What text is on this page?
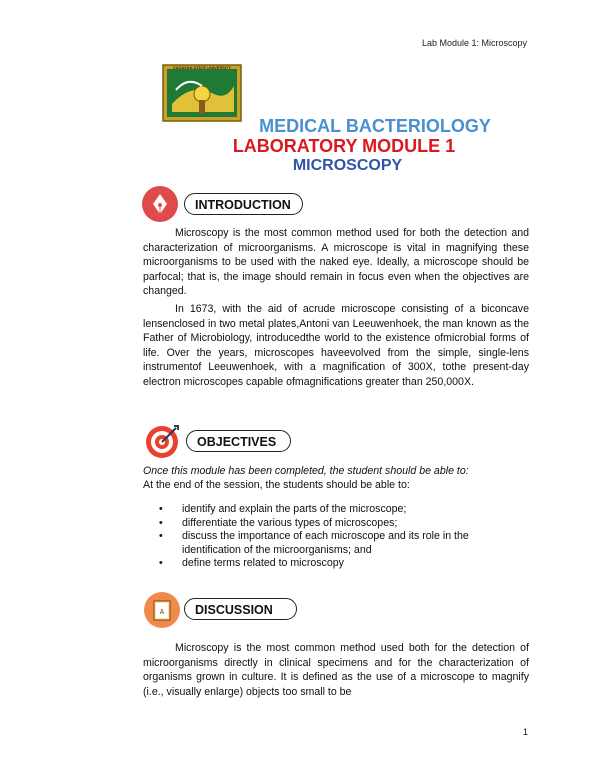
Lab Module 1: Microscopy
CAGAYAN STATE UNIVERSITY
MEDICAL BACTERIOLOGY
LABORATORY MODULE 1
MICROSCOPY
INTRODUCTION
Microscopy is the most common method used for both the detection and characterization of microorganisms. A microscope is vital in magnifying these microorganisms to be used with the naked eye. Ideally, a microscope should be parfocal; that is, the image should remain in focus even when the objectives are changed.
In 1673, with the aid of acrude microscope consisting of a biconcave lensenclosed in two metal plates,Antoni van Leeuwenhoek, the man known as the Father of Microbiology, introducedthe world to the existence ofmicrobial forms of life. Over the years, microscopes haveevolved from the simple, single-lens instrumentof Leeuwenhoek, with a magnification of 300X, tothe present-day electron microscopes capable ofmagnifications greater than 250,000X.
OBJECTIVES
Once this module has been completed, the student should be able to:
At the end of the session, the students should be able to:
• identify and explain the parts of the microscope;
• differentiate the various types of microscopes;
• discuss the importance of each microscope and its role in the identification of the microorganisms; and
• define terms related to microscopy
A	DISCUSSION
Microscopy is the most common method used both for the detection of microorganisms directly in clinical specimens and for the characterization of organisms grown in culture. It is defined as the use of a microscope to magnify (i.e., visually enlarge) objects too small to be
1
